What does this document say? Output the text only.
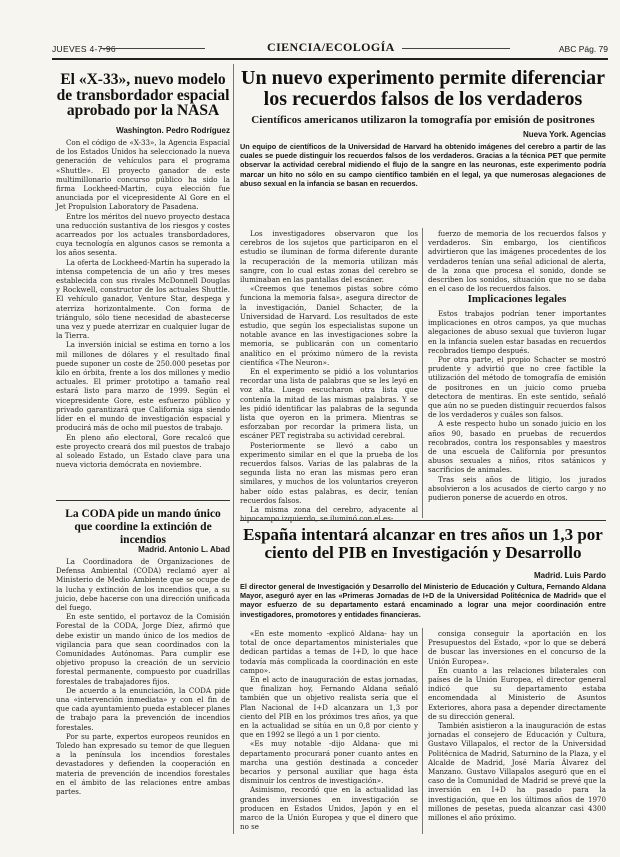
JUEVES 4-7-96	CIENCIA/ECOLOGÍA	ABC Pág. 79
El «X-33», nuevo modelo de transbordador espacial aprobado por la NASA
Washington. Pedro Rodríguez

Con el código de «X-33», la Agencia Espacial de los Estados Unidos ha seleccionado la nueva generación de vehículos para el programa «Shuttle». El proyecto ganador de este multimillonario concurso público ha sido la firma Lockheed-Martin, cuya elección fue anunciada por el vicepresidente Al Gore en el Jet Propulsion Laboratory de Pasadena.

Entre los méritos del nuevo proyecto destaca una reducción sustantiva de los riesgos y costes acarreados por los actuales transbordadores, cuya tecnología en algunos casos se remonta a los años sesenta.

La oferta de Lockheed-Martin ha superado la intensa competencia de un año y tres meses establecida con sus rivales McDonnell Douglas y Rockwell, constructor de los actuales Shuttle. El vehículo ganador, Venture Star, despega y aterriza horizontalmente. Con forma de triángulo, sólo tiene necesidad de abastecerse una vez y puede aterrizar en cualquier lugar de la Tierra.

La inversión inicial se estima en torno a los mil millones de dólares y el resultado final puede suponer un coste de 250.000 pesetas por kilo en órbita, frente a los dos millones y medio actuales. El primer prototipo a tamaño real estará listo para marzo de 1999. Según el vicepresidente Gore, este esfuerzo público y privado garantizará que California siga siendo líder en el mundo de investigación espacial y producirá más de ocho mil puestos de trabajo.

En pleno año electoral, Gore recalcó que este proyecto creará dos mil puestos de trabajo al soleado Estado, un Estado clave para una nueva victoria demócrata en noviembre.

La CODA pide un mando único que coordine la extinción de incendios
Madrid. Antonio L. Abad

La Coordinadora de Organizaciones de Defensa Ambiental (CODA) reclamó ayer al Ministerio de Medio Ambiente que se ocupe de la lucha y extinción de los incendios que, a su juicio, debe hacerse con una dirección unificada del fuego.

En este sentido, el portavoz de la Comisión Forestal de la CODA, Jorge Díez, afirmó que debe existir un mando único de los medios de vigilancia para que sean coordinados con la Comunidades Autónomas. Para cumplir ese objetivo propuso la creación de un servicio forestal permanente, compuesto por cuadrillas forestales de trabajadores fijos.

De acuerdo a la enunciación, la CODA pide una «intervención inmediata» y con el fin de que cada ayuntamiento pueda establecer planes de trabajo para la prevención de incendios forestales.

Por su parte, expertos europeos reunidos en Toledo han expresado su temor de que lleguen a la península los incendios forestales devastadores y defienden la cooperación en materia de prevención de incendios forestales en el ámbito de las relaciones entre ambas partes.

Un nuevo experimento permite diferenciar los recuerdos falsos de los verdaderos
Científicos americanos utilizaron la tomografía por emisión de positrones
Nueva York. Agencias
Un equipo de científicos de la Universidad de Harvard ha obtenido imágenes del cerebro a partir de las cuales se puede distinguir los recuerdos falsos de los verdaderos. Gracias a la técnica PET que permite observar la actividad cerebral midiendo el flujo de la sangre en las neuronas, este experimento podría marcar un hito no sólo en su campo científico también en el legal, ya que numerosas alegaciones de abuso sexual en la infancia se basan en recuerdos.

Los investigadores observaron que los cerebros de los sujetos que participaron en el estudio se iluminan de forma diferente durante la recuperación de la memoria utilizan más sangre, con lo cual estas zonas del cerebro se iluminaban en las pantallas del escáner.

«Creemos que tenemos pistas sobre cómo funciona la memoria falsa», asegura director de la investigación, Daniel Schacter, de la Universidad de Harvard. Los resultados de este estudio, que según los especialistas supone un notable avance en las investigaciones sobre la memoria, se publicarán con un comentario analítico en el próximo número de la revista científica «The Neuron».

En el experimento se pidió a los voluntarios recordar una lista de palabras que se les leyó en voz alta. Luego escucharon otra lista que contenía la mitad de las mismas palabras. Y se les pidió identificar las palabras de la segunda lista que oyeron en la primera. Mientras se esforzaban por recordar la primera lista, un escáner PET registraba su actividad cerebral.

Posteriormente se llevó a cabo un experimento similar en el que la prueba de los recuerdos falsos. Varias de las palabras de la segunda lista no eran las mismas pero eran similares, y muchos de los voluntarios creyeron haber oído estas palabras, es decir, tenían recuerdos falsos.

La misma zona del cerebro, adyacente al hipocampo izquierdo, se iluminó con el es-

fuerzo de memoria de los recuerdos falsos y verdaderos. Sin embargo, los científicos advirtieron que las imágenes procedentes de los verdaderos tenían una señal adicional de alerta, de la zona que procesa el sonido, donde se describen los sonidos, situación que no se daba en el caso de los recuerdos falsos.

Implicaciones legales

Estos trabajos podrían tener importantes implicaciones en otros campos, ya que muchas alegaciones de abuso sexual que tuvieron lugar en la infancia suelen estar basadas en recuerdos recobrados tiempo después.

Por otra parte, el propio Schacter se mostró prudente y advirtió que no cree factible la utilización del método de tomografía de emisión de positrones en un juicio como prueba detectora de mentiras. En este sentido, señaló que aún no se pueden distinguir recuerdos falsos de los verdaderos y cuáles son falsos.

A este respecto hubo un sonado juicio en los años 90, basado en pruebas de recuerdos recobrados, contra los responsables y maestros de una escuela de California por presuntos abusos sexuales a niños, ritos satánicos y sacrificios de animales.

Tras seis años de litigio, los jurados absolvieron a los acusados de cierto cargo y no pudieron ponerse de acuerdo en otros.

España intentará alcanzar en tres años un 1,3 por ciento del PIB en Investigación y Desarrollo
Madrid. Luis Pardo
El director general de Investigación y Desarrollo del Ministerio de Educación y Cultura, Fernando Aldana Mayor, aseguró ayer en las «Primeras Jornadas de I+D de la Universidad Politécnica de Madrid» que el mayor esfuerzo de su departamento estará encaminado a lograr una mejor coordinación entre investigadores, promotores y entidades financieras.

«En este momento -explicó Aldana- hay un total de once departamentos ministeriales que dedican partidas a temas de I+D, lo que hace todavía más complicada la coordinación en este campo».

En el acto de inauguración de estas jornadas, que finalizan hoy, Fernando Aldana señaló también que un objetivo realista sería que el Plan Nacional de I+D alcanzara un 1,3 por ciento del PIB en los próximos tres años, ya que en la actualidad se sitúa en un 0,8 por ciento y que en 1992 se llegó a un 1 por ciento.

«Es muy notable -dijo Aldana- que mi departamento procurará poner cuanto antes en marcha una gestión destinada a conceder becarios y personal auxiliar que haga ésta disminuir los centros de investigación».

Asimismo, recordó que en la actualidad las grandes inversiones en investigación se producen en Estados Unidos, Japón y en el marco de la Unión Europea y que el dinero que no se

consiga conseguir la aportación en los Presupuestos del Estado, «por lo que se deberá de buscar las inversiones en el concurso de la Unión Europea».

En cuanto a las relaciones bilaterales con países de la Unión Europea, el director general indicó que su departamento estaba encomendada al Ministerio de Asuntos Exteriores, ahora pasa a depender directamente de su dirección general.

También asistieron a la inauguración de estas jornadas el consejero de Educación y Cultura, Gustavo Villapalos, el rector de la Universidad Politécnica de Madrid, Saturnino de la Plaza, y el Alcalde de Madrid, José María Álvarez del Manzano. Gustavo Villapalos aseguró que en el caso de la Comunidad de Madrid se prevé que la inversión en I+D ha pasado para la investigación, que en los últimos años de 1970 millones de pesetas, pueda alcanzar casi 4300 millones el año próximo.
